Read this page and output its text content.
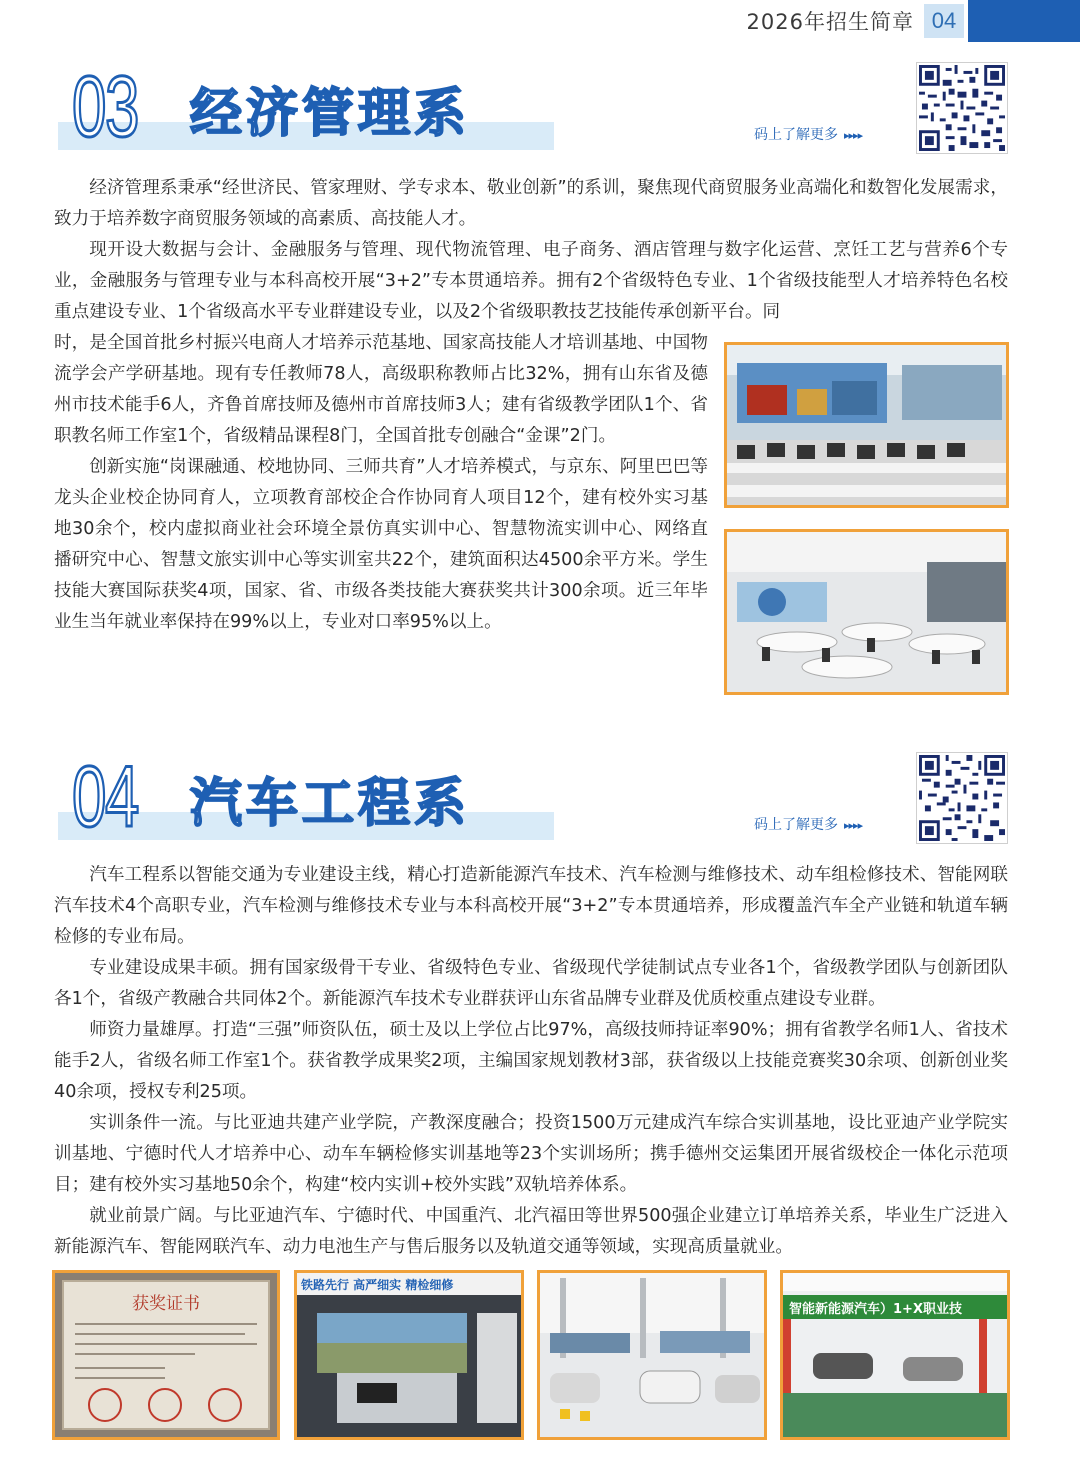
2026年招生简章 04
03 经济管理系	码上了解更多 ▸▸▸▸

经济管理系秉承“经世济民、管家理财、学专求本、敬业创新”的系训，聚焦现代商贸服务业高端化和数智化发展需求，致力于培养数字商贸服务领域的高素质、高技能人才。

现开设大数据与会计、金融服务与管理、现代物流管理、电子商务、酒店管理与数字化运营、烹饪工艺与营养6个专业，金融服务与管理专业与本科高校开展“3+2”专本贯通培养。拥有2个省级特色专业、1个省级技能型人才培养特色名校重点建设专业、1个省级高水平专业群建设专业，以及2个省级职教技艺技能传承创新平台。同

时，是全国首批乡村振兴电商人才培养示范基地、国家高技能人才培训基地、中国物流学会产学研基地。现有专任教师78人，高级职称教师占比32%，拥有山东省及德州市技术能手6人，齐鲁首席技师及德州市首席技师3人；建有省级教学团队1个、省职教名师工作室1个，省级精品课程8门，全国首批专创融合“金课”2门。

创新实施“岗课融通、校地协同、三师共育”人才培养模式，与京东、阿里巴巴等龙头企业校企协同育人，立项教育部校企合作协同育人项目12个，建有校外实习基地30余个，校内虚拟商业社会环境全景仿真实训中心、智慧物流实训中心、网络直播研究中心、智慧文旅实训中心等实训室共22个，建筑面积达4500余平方米。学生技能大赛国际获奖4项，国家、省、市级各类技能大赛获奖共计300余项。近三年毕业生当年就业率保持在99%以上，专业对口率95%以上。

04 汽车工程系	码上了解更多 ▸▸▸▸

汽车工程系以智能交通为专业建设主线，精心打造新能源汽车技术、汽车检测与维修技术、动车组检修技术、智能网联汽车技术4个高职专业，汽车检测与维修技术专业与本科高校开展“3+2”专本贯通培养，形成覆盖汽车全产业链和轨道车辆检修的专业布局。

专业建设成果丰硕。拥有国家级骨干专业、省级特色专业、省级现代学徒制试点专业各1个，省级教学团队与创新团队各1个，省级产教融合共同体2个。新能源汽车技术专业群获评山东省品牌专业群及优质校重点建设专业群。

师资力量雄厚。打造“三强”师资队伍，硕士及以上学位占比97%，高级技师持证率90%；拥有省教学名师1人、省技术能手2人，省级名师工作室1个。获省教学成果奖2项，主编国家规划教材3部，获省级以上技能竞赛奖30余项、创新创业奖40余项，授权专利25项。

实训条件一流。与比亚迪共建产业学院，产教深度融合；投资1500万元建成汽车综合实训基地，设比亚迪产业学院实训基地、宁德时代人才培养中心、动车车辆检修实训基地等23个实训场所；携手德州交运集团开展省级校企一体化示范项目；建有校外实习基地50余个，构建“校内实训+校外实践”双轨培养体系。

就业前景广阔。与比亚迪汽车、宁德时代、中国重汽、北汽福田等世界500强企业建立订单培养关系，毕业生广泛进入新能源汽车、智能网联汽车、动力电池生产与售后服务以及轨道交通等领域，实现高质量就业。

获奖证书
铁路先行 高严细实 精检细修
智能新能源汽车）1+X职业技
